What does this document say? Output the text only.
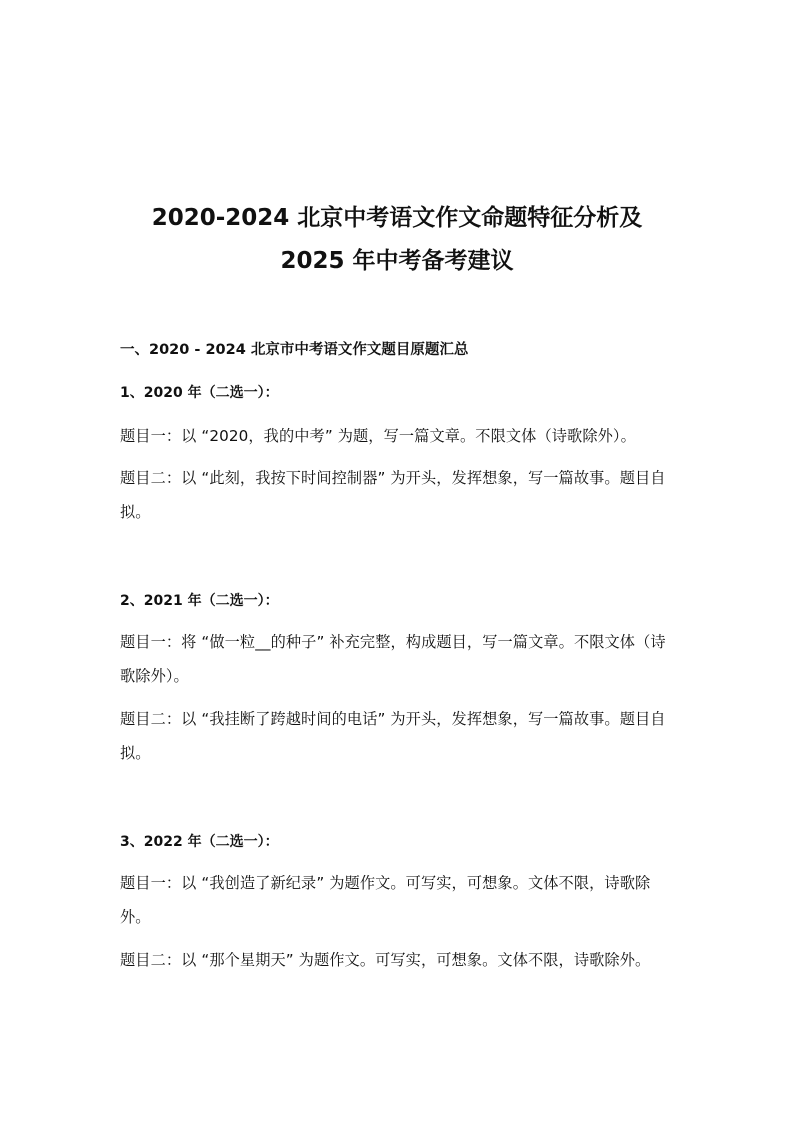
2020-2024 北京中考语文作文命题特征分析及
2025 年中考备考建议
一、2020 - 2024 北京市中考语文作文题目原题汇总
1、2020 年（二选一）：
题目一：以 “2020，我的中考” 为题，写一篇文章。不限文体（诗歌除外）。
题目二：以 “此刻，我按下时间控制器” 为开头，发挥想象，写一篇故事。题目自拟。
2、2021 年（二选一）：
题目一：将 “做一粒__的种子” 补充完整，构成题目，写一篇文章。不限文体（诗歌除外）。
题目二：以 “我挂断了跨越时间的电话” 为开头，发挥想象，写一篇故事。题目自拟。
3、2022 年（二选一）：
题目一：以 “我创造了新纪录” 为题作文。可写实，可想象。文体不限，诗歌除外。
题目二：以 “那个星期天” 为题作文。可写实，可想象。文体不限，诗歌除外。
